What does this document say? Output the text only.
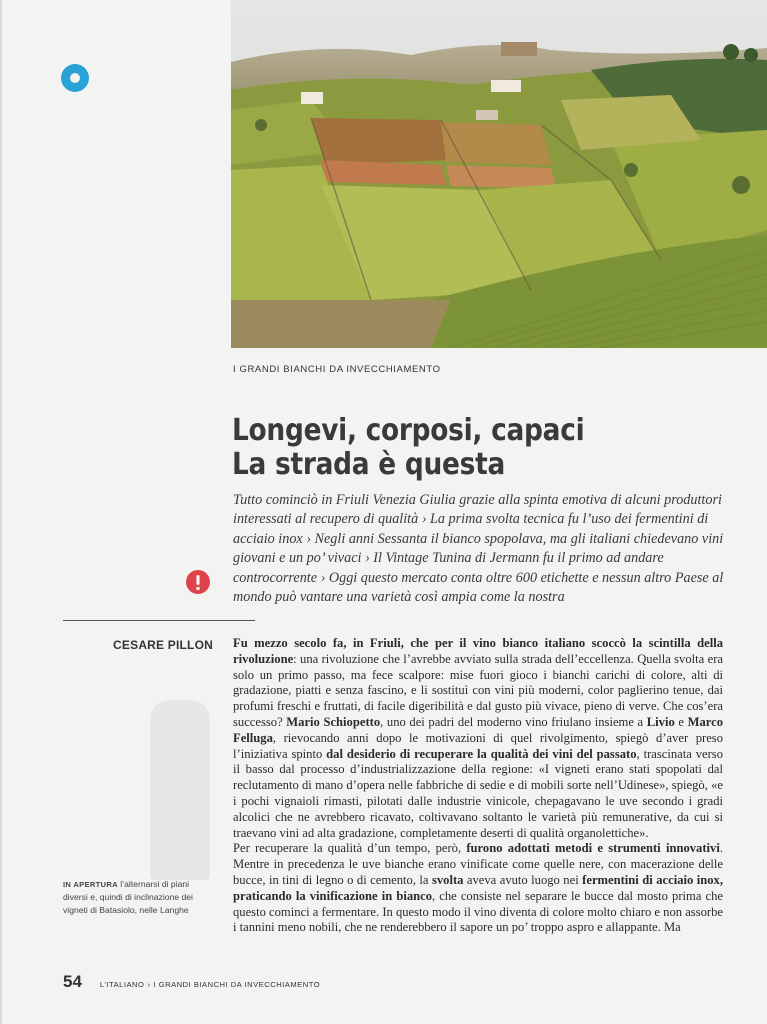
I GRANDI BIANCHI DA INVECCHIAMENTO
Longevi, corposi, capaci
La strada è questa
Tutto cominciò in Friuli Venezia Giulia grazie alla spinta emotiva di alcuni produttori interessati al recupero di qualità › La prima svolta tecnica fu l’uso dei fermentini di acciaio inox › Negli anni Sessanta il bianco spopolava, ma gli italiani chiedevano vini giovani e un po’ vivaci › Il Vintage Tunina di Jermann fu il primo ad andare controcorrente › Oggi questo mercato conta oltre 600 etichette e nessun altro Paese al mondo può vantare una varietà così ampia come la nostra
CESARE PILLON Fu mezzo secolo fa, in Friuli, che per il vino bianco italiano scoccò la scintilla della rivoluzione: una rivoluzione che l’avrebbe avviato sulla strada dell’eccellenza. Quella svolta era solo un primo passo, ma fece scalpore: mise fuori gioco i bianchi carichi di colore, alti di gradazione, piatti e senza fascino, e li sostituì con vini più moderni, color paglierino tenue, dai profumi freschi e fruttati, di facile digeribilità e dal gusto più vivace, pieno di verve. Che cos’era successo? Mario Schiopetto, uno dei padri del moderno vino friulano insieme a Livio e Marco Felluga, rievocando anni dopo le motivazioni di quel rivolgimento, spiegò d’aver preso l’iniziativa spinto dal desiderio di recuperare la qualità dei vini del passato, trascinata verso il basso dal processo d’industrializzazione della regione: «I vigneti erano stati spopolati dal reclutamento di mano d’opera nelle fabbriche di sedie e di mobili sorte nell’Udinese», spiegò, «e i pochi vignaioli rimasti, pilotati dalle industrie vinicole, chepagavano le uve secondo i gradi alcolici che ne avrebbero ricavato, coltivavano soltanto le varietà più remunerative, da cui si traevano vini ad alta gradazione, completamente deserti di qualità organolettiche».

Per recuperare la qualità d’un tempo, però, furono adottati metodi e strumenti innovativi. Mentre in precedenza le uve bianche erano vinificate come quelle nere, con macerazione delle bucce, in tini di legno o di cemento, la svolta aveva avuto luogo nei fermentini di acciaio inox, praticando la vinificazione in bianco, che consiste nel separare le bucce dal mosto prima che questo cominci a fermentare. In questo modo il vino diventa di colore molto chiaro e non assorbe i tannini meno nobili, che ne renderebbero il sapore un po’ troppo aspro e allappante. Ma

IN APERTURA l’alternarsi di piani diversi e, quindi di inclinazione dei vigneti di Batasiolo, nelle Langhe
54 L’ITALIANO › I GRANDI BIANCHI DA INVECCHIAMENTO
